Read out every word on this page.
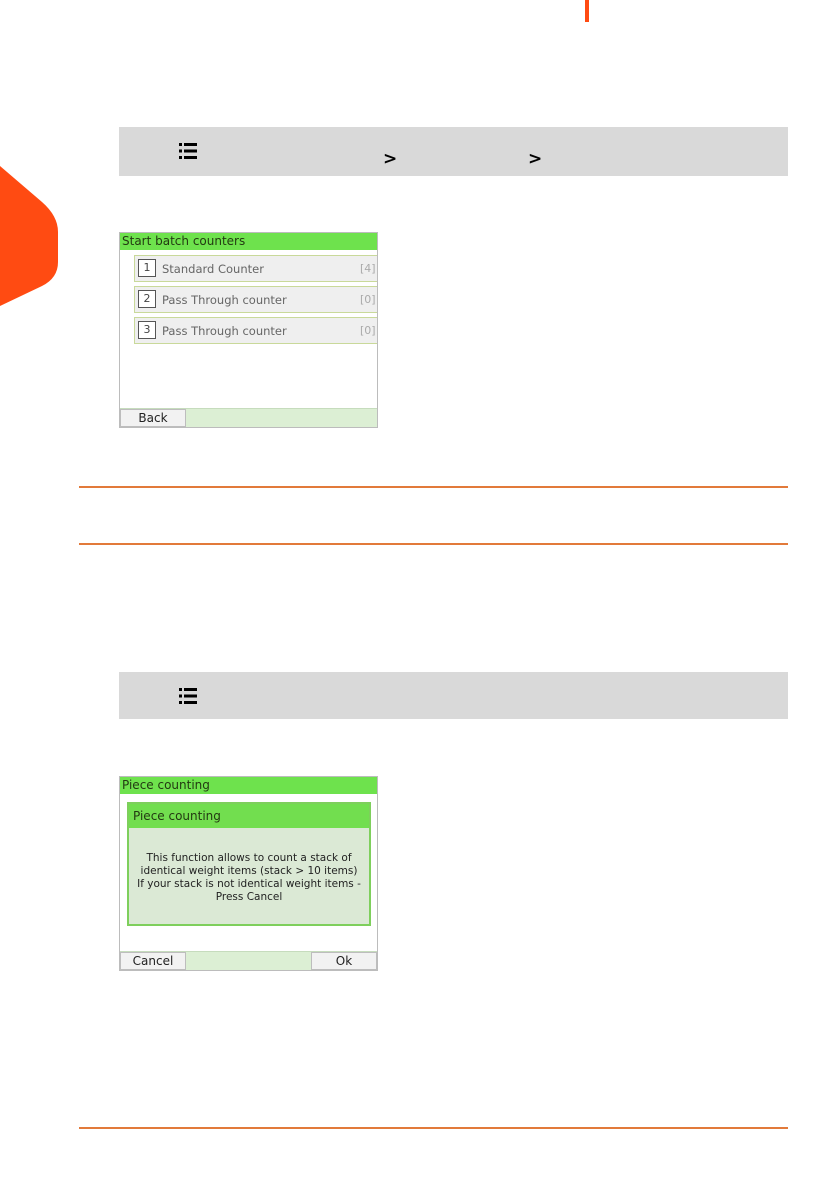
>	>
Start batch counters
1	Standard Counter	[4]
2	Pass Through counter	[0]
3	Pass Through counter	[0]
Back
Piece counting
Piece counting
This function allows to count a stack of identical weight items (stack > 10 items) If your stack is not identical weight items - Press Cancel
Cancel	Ok
